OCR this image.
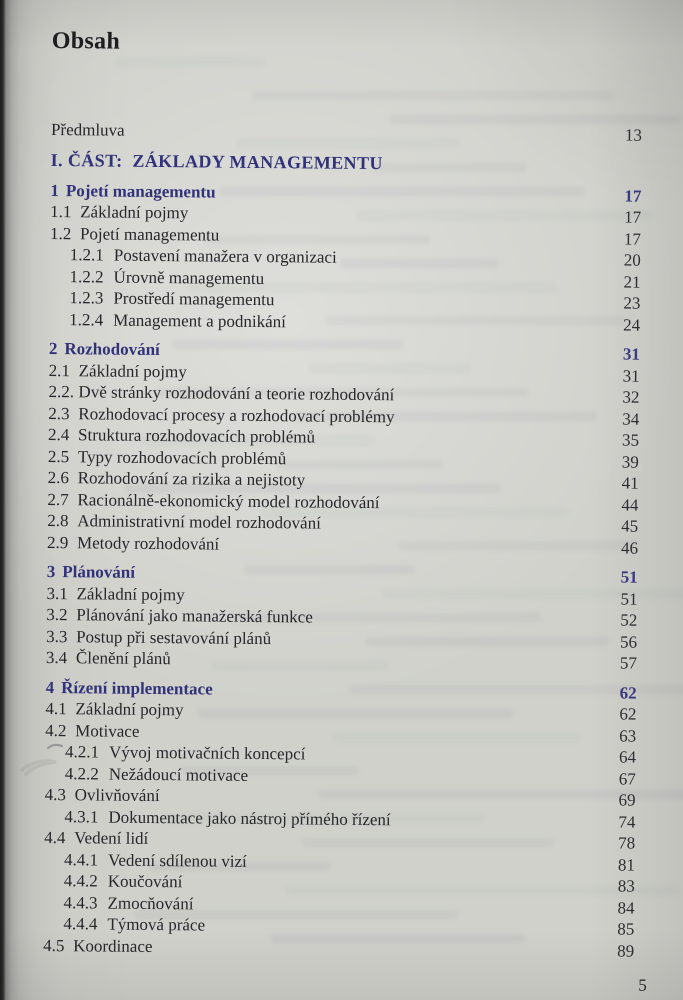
Obsah
Předmluva	13
I. ČÁST:  ZÁKLADY MANAGEMENTU
1 Pojetí managementu	17
1.1 Základní pojmy	17
1.2 Pojetí managementu	17
1.2.1 Postavení manažera v organizaci	20
1.2.2 Úrovně managementu	21
1.2.3 Prostředí managementu	23
1.2.4 Management a podnikání	24
2 Rozhodování	31
2.1 Základní pojmy	31
2.2. Dvě stránky rozhodování a teorie rozhodování	32
2.3 Rozhodovací procesy a rozhodovací problémy	34
2.4 Struktura rozhodovacích problémů	35
2.5 Typy rozhodovacích problémů	39
2.6 Rozhodování za rizika a nejistoty	41
2.7 Racionálně-ekonomický model rozhodování	44
2.8 Administrativní model rozhodování	45
2.9 Metody rozhodování	46
3 Plánování	51
3.1 Základní pojmy	51
3.2 Plánování jako manažerská funkce	52
3.3 Postup při sestavování plánů	56
3.4 Členění plánů	57
4 Řízení implementace	62
4.1 Základní pojmy	62
4.2 Motivace	63
4.2.1 Vývoj motivačních koncepcí	64
4.2.2 Nežádoucí motivace	67
4.3 Ovlivňování	69
4.3.1 Dokumentace jako nástroj přímého řízení	74
4.4 Vedení lidí	78
4.4.1 Vedení sdílenou vizí	81
4.4.2 Koučování	83
4.4.3 Zmocňování	84
4.4.4 Týmová práce	85
4.5 Koordinace	89
5
